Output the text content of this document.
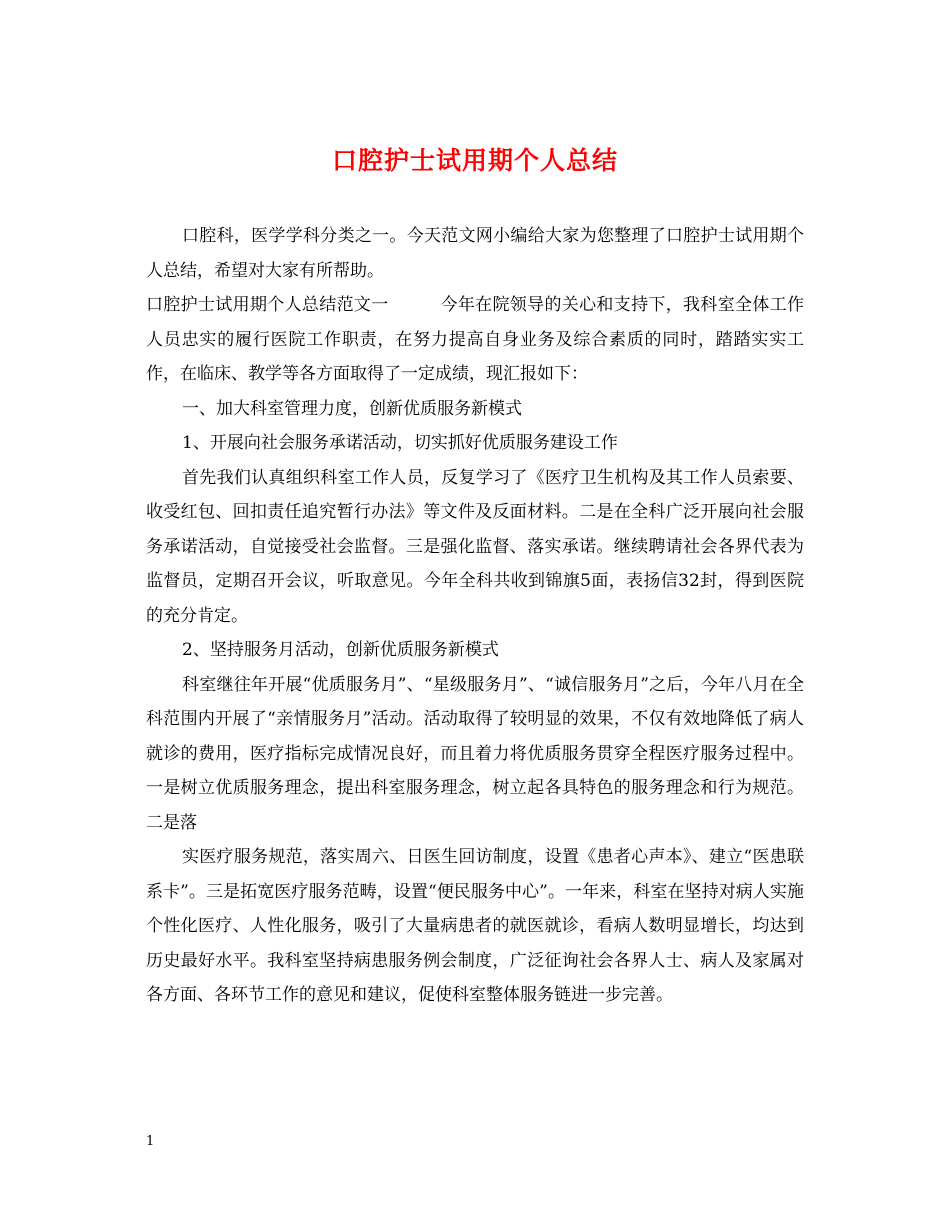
口腔护士试用期个人总结

口腔科，医学学科分类之一。今天范文网小编给大家为您整理了口腔护士试用期个人总结，希望对大家有所帮助。

口腔护士试用期个人总结范文一　　　今年在院领导的关心和支持下，我科室全体工作人员忠实的履行医院工作职责，在努力提高自身业务及综合素质的同时，踏踏实实工作，在临床、教学等各方面取得了一定成绩，现汇报如下：

一、加大科室管理力度，创新优质服务新模式

1、开展向社会服务承诺活动，切实抓好优质服务建设工作

首先我们认真组织科室工作人员，反复学习了《医疗卫生机构及其工作人员索要、收受红包、回扣责任追究暂行办法》等文件及反面材料。二是在全科广泛开展向社会服务承诺活动，自觉接受社会监督。三是强化监督、落实承诺。继续聘请社会各界代表为监督员，定期召开会议，听取意见。今年全科共收到锦旗5面，表扬信32封，得到医院的充分肯定。

2、坚持服务月活动，创新优质服务新模式

科室继往年开展“优质服务月”、“星级服务月”、“诚信服务月”之后，今年八月在全科范围内开展了“亲情服务月”活动。活动取得了较明显的效果，不仅有效地降低了病人就诊的费用，医疗指标完成情况良好，而且着力将优质服务贯穿全程医疗服务过程中。一是树立优质服务理念，提出科室服务理念，树立起各具特色的服务理念和行为规范。二是落

实医疗服务规范，落实周六、日医生回访制度，设置《患者心声本》、建立“医患联系卡”。三是拓宽医疗服务范畴，设置“便民服务中心”。一年来，科室在坚持对病人实施个性化医疗、人性化服务，吸引了大量病患者的就医就诊，看病人数明显增长，均达到历史最好水平。我科室坚持病患服务例会制度，广泛征询社会各界人士、病人及家属对各方面、各环节工作的意见和建议，促使科室整体服务链进一步完善。

1
